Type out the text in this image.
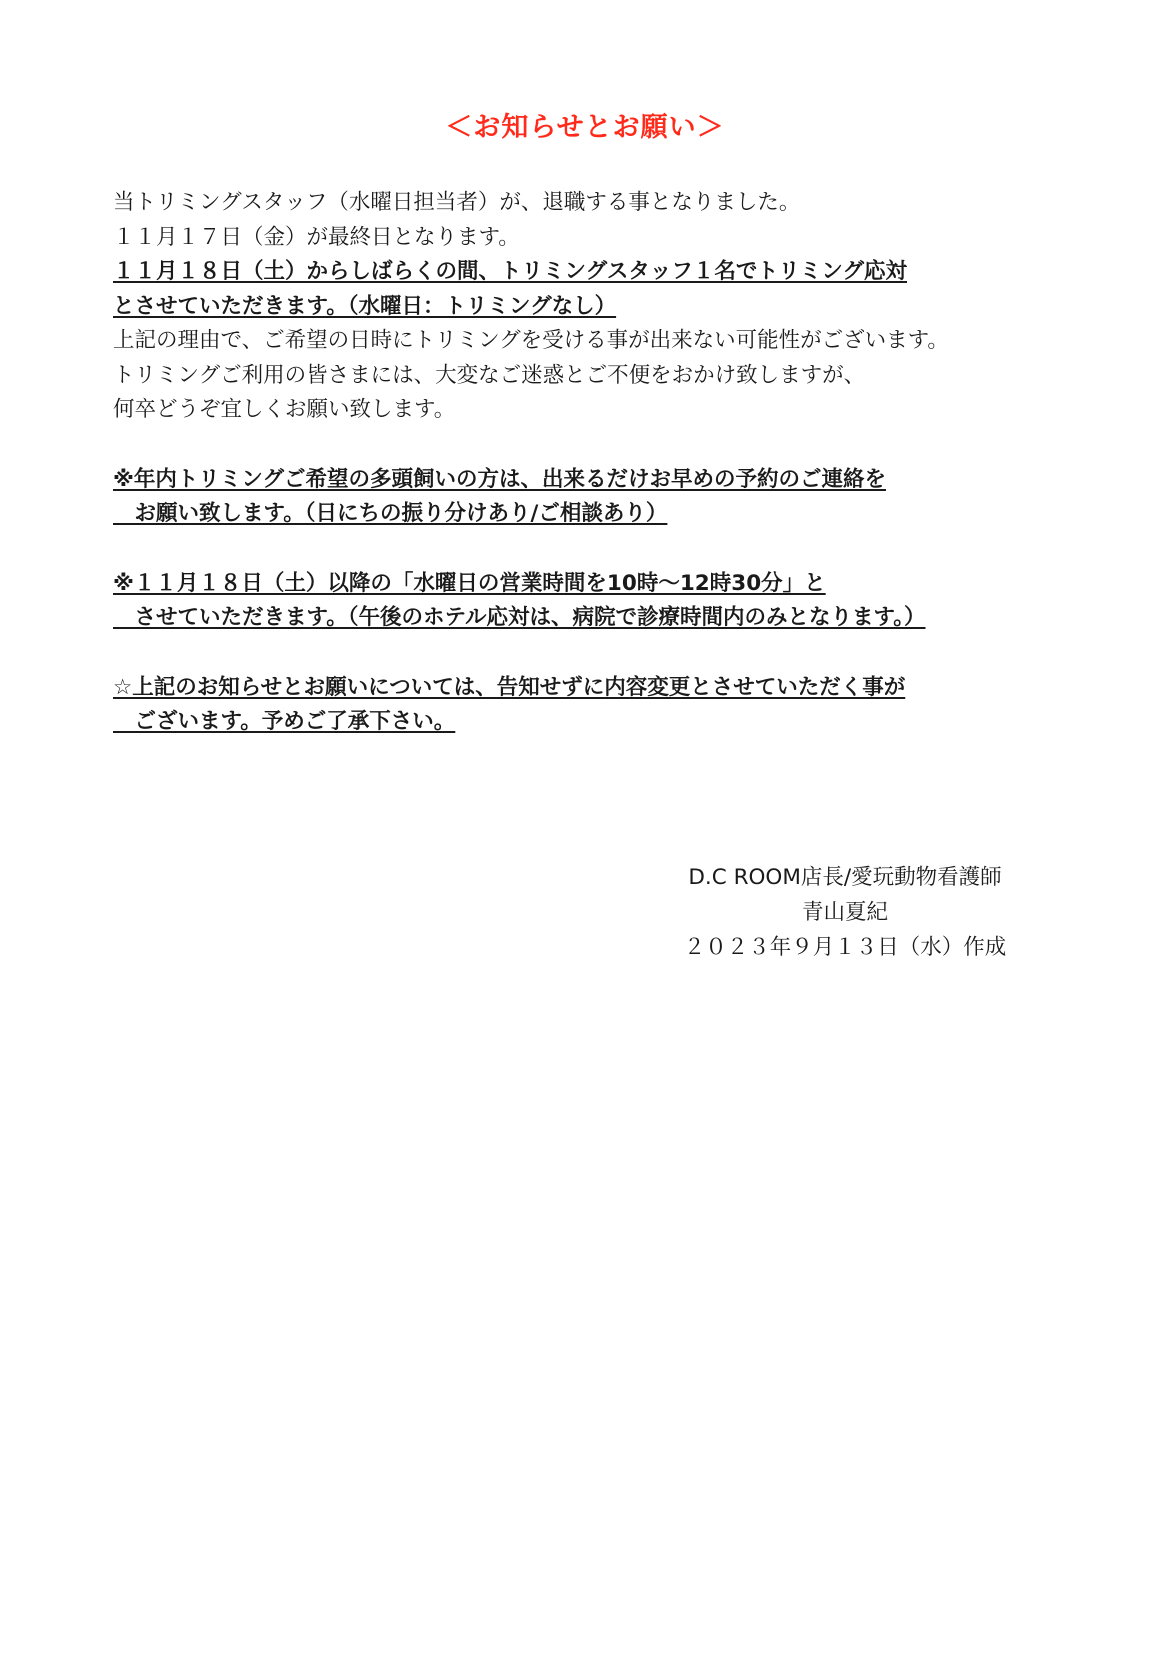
＜お知らせとお願い＞
当トリミングスタッフ（水曜日担当者）が、退職する事となりました。
１１月１７日（金）が最終日となります。
１１月１８日（土）からしばらくの間、トリミングスタッフ１名でトリミング応対
とさせていただきます。（水曜日：トリミングなし）
上記の理由で、ご希望の日時にトリミングを受ける事が出来ない可能性がございます。
トリミングご利用の皆さまには、大変なご迷惑とご不便をおかけ致しますが、
何卒どうぞ宜しくお願い致します。
※年内トリミングご希望の多頭飼いの方は、出来るだけお早めの予約のご連絡を
　お願い致します。（日にちの振り分けあり/ご相談あり）
※１１月１８日（土）以降の「水曜日の営業時間を10時〜12時30分」と
　させていただきます。（午後のホテル応対は、病院で診療時間内のみとなります。）
☆上記のお知らせとお願いについては、告知せずに内容変更とさせていただく事が
　ございます。予めご了承下さい。
D.C ROOM店長/愛玩動物看護師
青山夏紀
２０２３年９月１３日（水）作成
